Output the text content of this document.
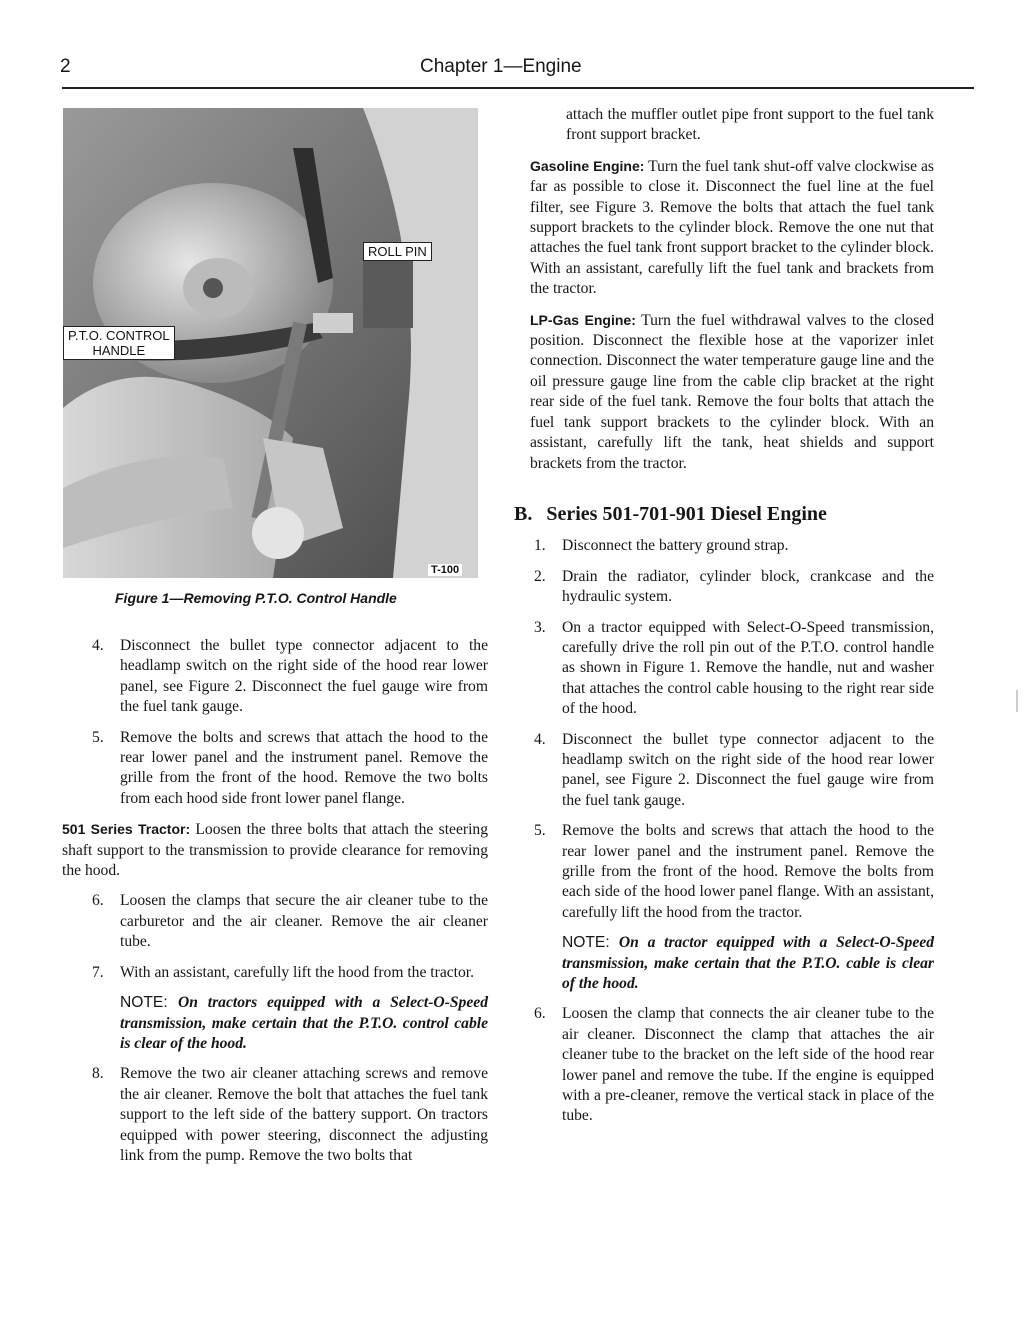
2	Chapter 1—Engine
ROLL PIN
P.T.O. CONTROL
HANDLE
T-100
Figure 1—Removing P.T.O. Control Handle
4. Disconnect the bullet type connector adjacent to the headlamp switch on the right side of the hood rear lower panel, see Figure 2. Disconnect the fuel gauge wire from the fuel tank gauge.
5. Remove the bolts and screws that attach the hood to the rear lower panel and the instrument panel. Remove the grille from the front of the hood. Remove the two bolts from each hood side front lower panel flange.

501 Series Tractor: Loosen the three bolts that attach the steering shaft support to the transmission to provide clearance for removing the hood.

6. Loosen the clamps that secure the air cleaner tube to the carburetor and the air cleaner. Remove the air cleaner tube.
7. With an assistant, carefully lift the hood from the tractor.
NOTE: On tractors equipped with a Select-O-Speed transmission, make certain that the P.T.O. control cable is clear of the hood.
8. Remove the two air cleaner attaching screws and remove the air cleaner. Remove the bolt that attaches the fuel tank support to the left side of the battery support. On tractors equipped with power steering, disconnect the adjusting link from the pump. Remove the two bolts that

attach the muffler outlet pipe front support to the fuel tank front support bracket.

Gasoline Engine: Turn the fuel tank shut-off valve clockwise as far as possible to close it. Disconnect the fuel line at the fuel filter, see Figure 3. Remove the bolts that attach the fuel tank support brackets to the cylinder block. Remove the one nut that attaches the fuel tank front support bracket to the cylinder block. With an assistant, carefully lift the fuel tank and brackets from the tractor.

LP-Gas Engine: Turn the fuel withdrawal valves to the closed position. Disconnect the flexible hose at the vaporizer inlet connection. Disconnect the water temperature gauge line and the oil pressure gauge line from the cable clip bracket at the right rear side of the fuel tank. Remove the four bolts that attach the fuel tank support brackets to the cylinder block. With an assistant, carefully lift the tank, heat shields and support brackets from the tractor.

B. Series 501-701-901 Diesel Engine
1. Disconnect the battery ground strap.
2. Drain the radiator, cylinder block, crankcase and the hydraulic system.
3. On a tractor equipped with Select-O-Speed transmission, carefully drive the roll pin out of the P.T.O. control handle as shown in Figure 1. Remove the handle, nut and washer that attaches the control cable housing to the right rear side of the hood.
4. Disconnect the bullet type connector adjacent to the headlamp switch on the right side of the hood rear lower panel, see Figure 2. Disconnect the fuel gauge wire from the fuel tank gauge.
5. Remove the bolts and screws that attach the hood to the rear lower panel and the instrument panel. Remove the grille from the front of the hood. Remove the bolts from each side of the hood lower panel flange. With an assistant, carefully lift the hood from the tractor.
NOTE: On a tractor equipped with a Select-O-Speed transmission, make certain that the P.T.O. cable is clear of the hood.
6. Loosen the clamp that connects the air cleaner tube to the air cleaner. Disconnect the clamp that attaches the air cleaner tube to the bracket on the left side of the hood rear lower panel and remove the tube. If the engine is equipped with a pre-cleaner, remove the vertical stack in place of the tube.
